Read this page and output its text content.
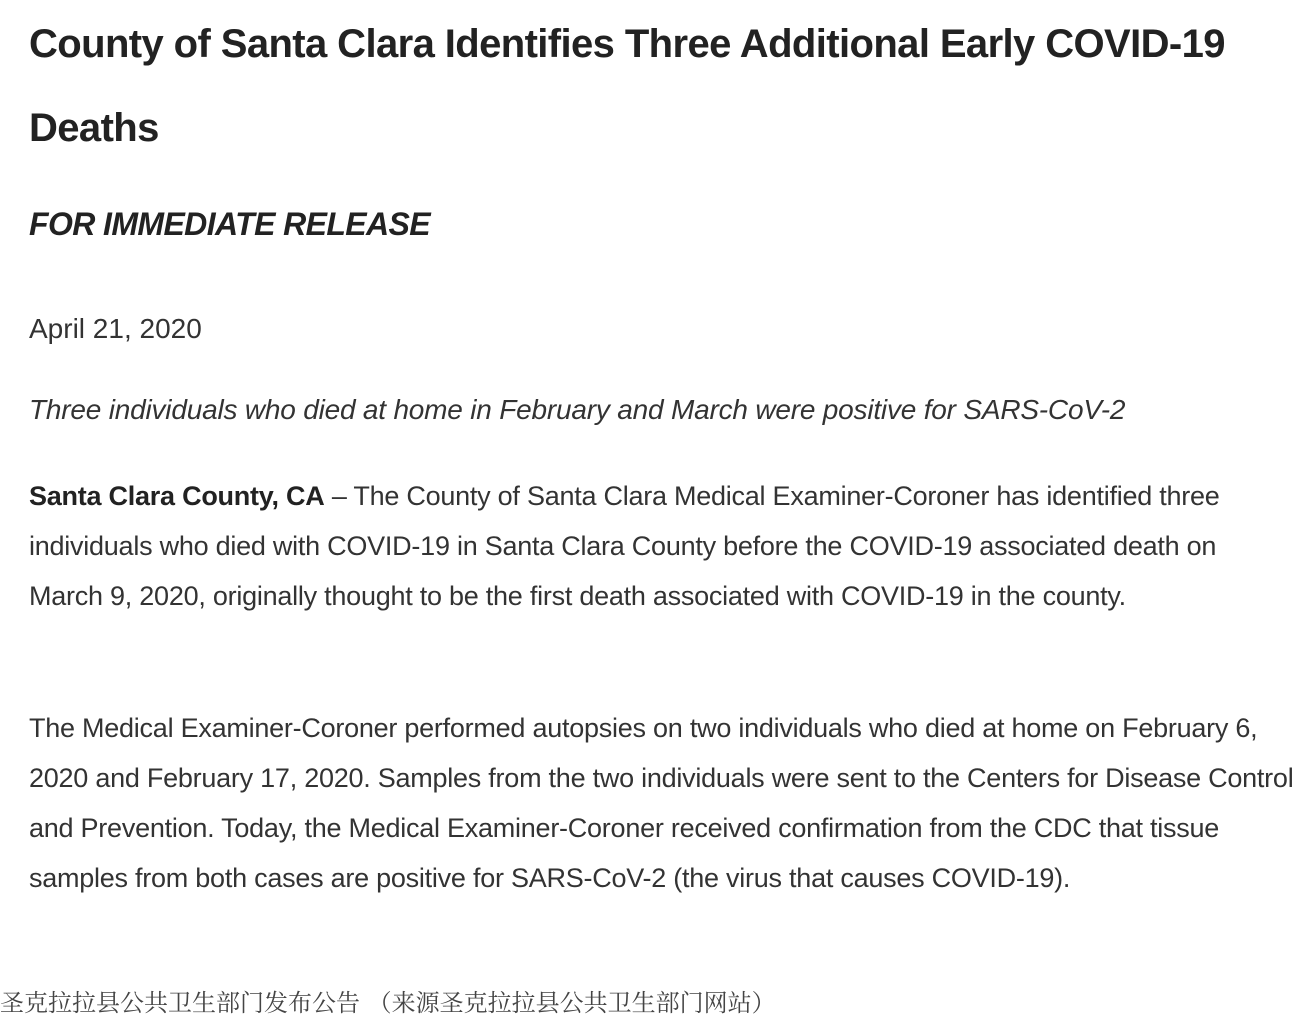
County of Santa Clara Identifies Three Additional Early COVID-19 Deaths

FOR IMMEDIATE RELEASE

April 21, 2020

Three individuals who died at home in February and March were positive for SARS-CoV-2

Santa Clara County, CA – The County of Santa Clara Medical Examiner-Coroner has identified three individuals who died with COVID-19 in Santa Clara County before the COVID-19 associated death on March 9, 2020, originally thought to be the first death associated with COVID-19 in the county.

The Medical Examiner-Coroner performed autopsies on two individuals who died at home on February 6, 2020 and February 17, 2020. Samples from the two individuals were sent to the Centers for Disease Control and Prevention. Today, the Medical Examiner-Coroner received confirmation from the CDC that tissue samples from both cases are positive for SARS-CoV-2 (the virus that causes COVID-19).

圣克拉拉县公共卫生部门发布公告 （来源圣克拉拉县公共卫生部门网站）
